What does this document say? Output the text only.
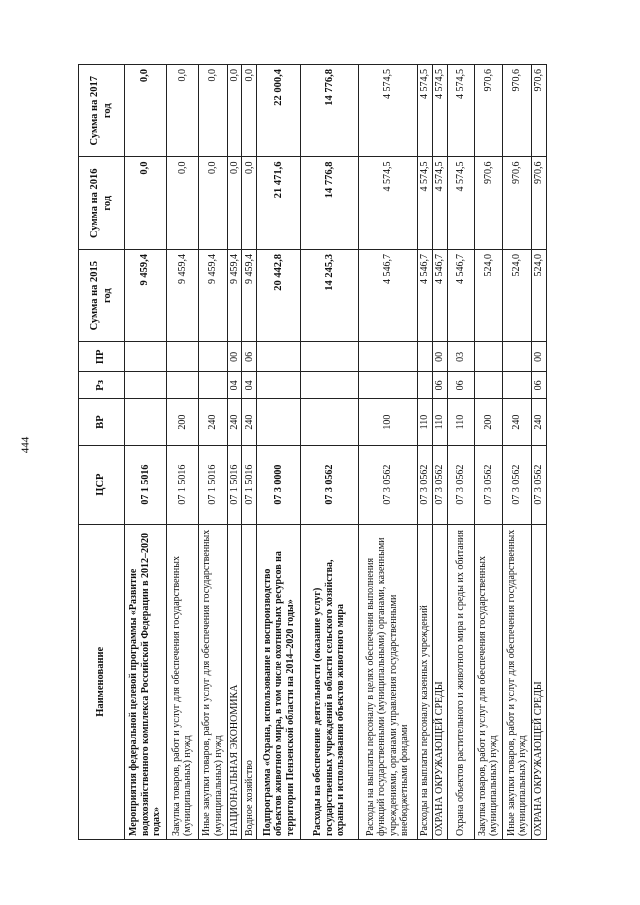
444
Наименование	ЦСР	ВР	Рз	ПР	Сумма на 2015 год	Сумма на 2016 год	Сумма на 2017 год
Мероприятия федеральной целевой программы «Развитие водохозяйственного комплекса Российской Федерации в 2012–2020 годах»	07 1 5016				9 459,4	0,0	0,0
Закупка товаров, работ и услуг для обеспечения государственных (муниципальных) нужд	07 1 5016	200			9 459,4	0,0	0,0
Иные закупки товаров, работ и услуг для обеспечения государственных (муниципальных) нужд	07 1 5016	240			9 459,4	0,0	0,0
НАЦИОНАЛЬНАЯ ЭКОНОМИКА	07 1 5016	240	04	00	9 459,4	0,0	0,0
Водное хозяйство	07 1 5016	240	04	06	9 459,4	0,0	0,0
Подпрограмма «Охрана, использование и воспроизводство объектов животного мира, в том числе охотничьих ресурсов на территории Пензенской области на 2014–2020 годы»	07 3 0000				20 442,8	21 471,6	22 000,4
Расходы на обеспечение деятельности (оказание услуг) государственных учреждений в области сельского хозяйства, охраны и использования объектов животного мира	07 3 0562				14 245,3	14 776,8	14 776,8
Расходы на выплаты персоналу в целях обеспечения выполнения функций государственными (муниципальными) органами, казенными учреждениями, органами управления государственными внебюджетными фондами	07 3 0562	100			4 546,7	4 574,5	4 574,5
Расходы на выплаты персоналу казенных учреждений	07 3 0562	110			4 546,7	4 574,5	4 574,5
ОХРАНА ОКРУЖАЮЩЕЙ СРЕДЫ	07 3 0562	110	06	00	4 546,7	4 574,5	4 574,5
Охрана объектов растительного и животного мира и среды их обитания	07 3 0562	110	06	03	4 546,7	4 574,5	4 574,5
Закупка товаров, работ и услуг для обеспечения государственных (муниципальных) нужд	07 3 0562	200			524,0	970,6	970,6
Иные закупки товаров, работ и услуг для обеспечения государственных (муниципальных) нужд	07 3 0562	240			524,0	970,6	970,6
ОХРАНА ОКРУЖАЮЩЕЙ СРЕДЫ	07 3 0562	240	06	00	524,0	970,6	970,6
